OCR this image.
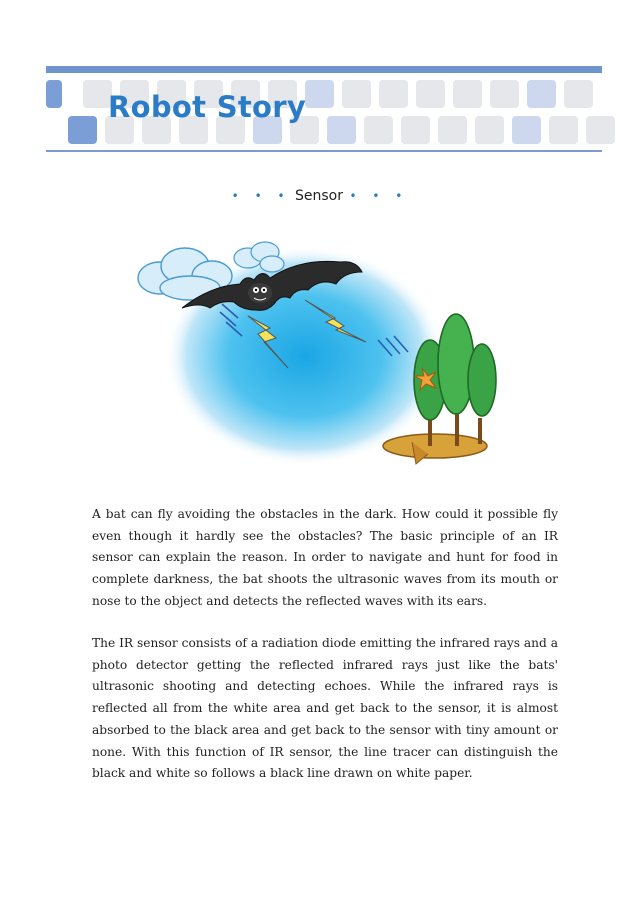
Robot Story
• • • Sensor • • •

A bat can fly avoiding the obstacles in the dark. How could it possible fly even though it hardly see the obstacles? The basic principle of an IR sensor can explain the reason. In order to navigate and hunt for food in complete darkness, the bat shoots the ultrasonic waves from its mouth or nose to the object and detects the reflected waves with its ears.

The IR sensor consists of a radiation diode emitting the infrared rays and a photo detector getting the reflected infrared rays just like the bats' ultrasonic shooting and detecting echoes. While the infrared rays is reflected all from the white area and get back to the sensor, it is almost absorbed to the black area and get back to the sensor with tiny amount or none. With this function of IR sensor, the line tracer can distinguish the black and white so follows a black line drawn on white paper.
